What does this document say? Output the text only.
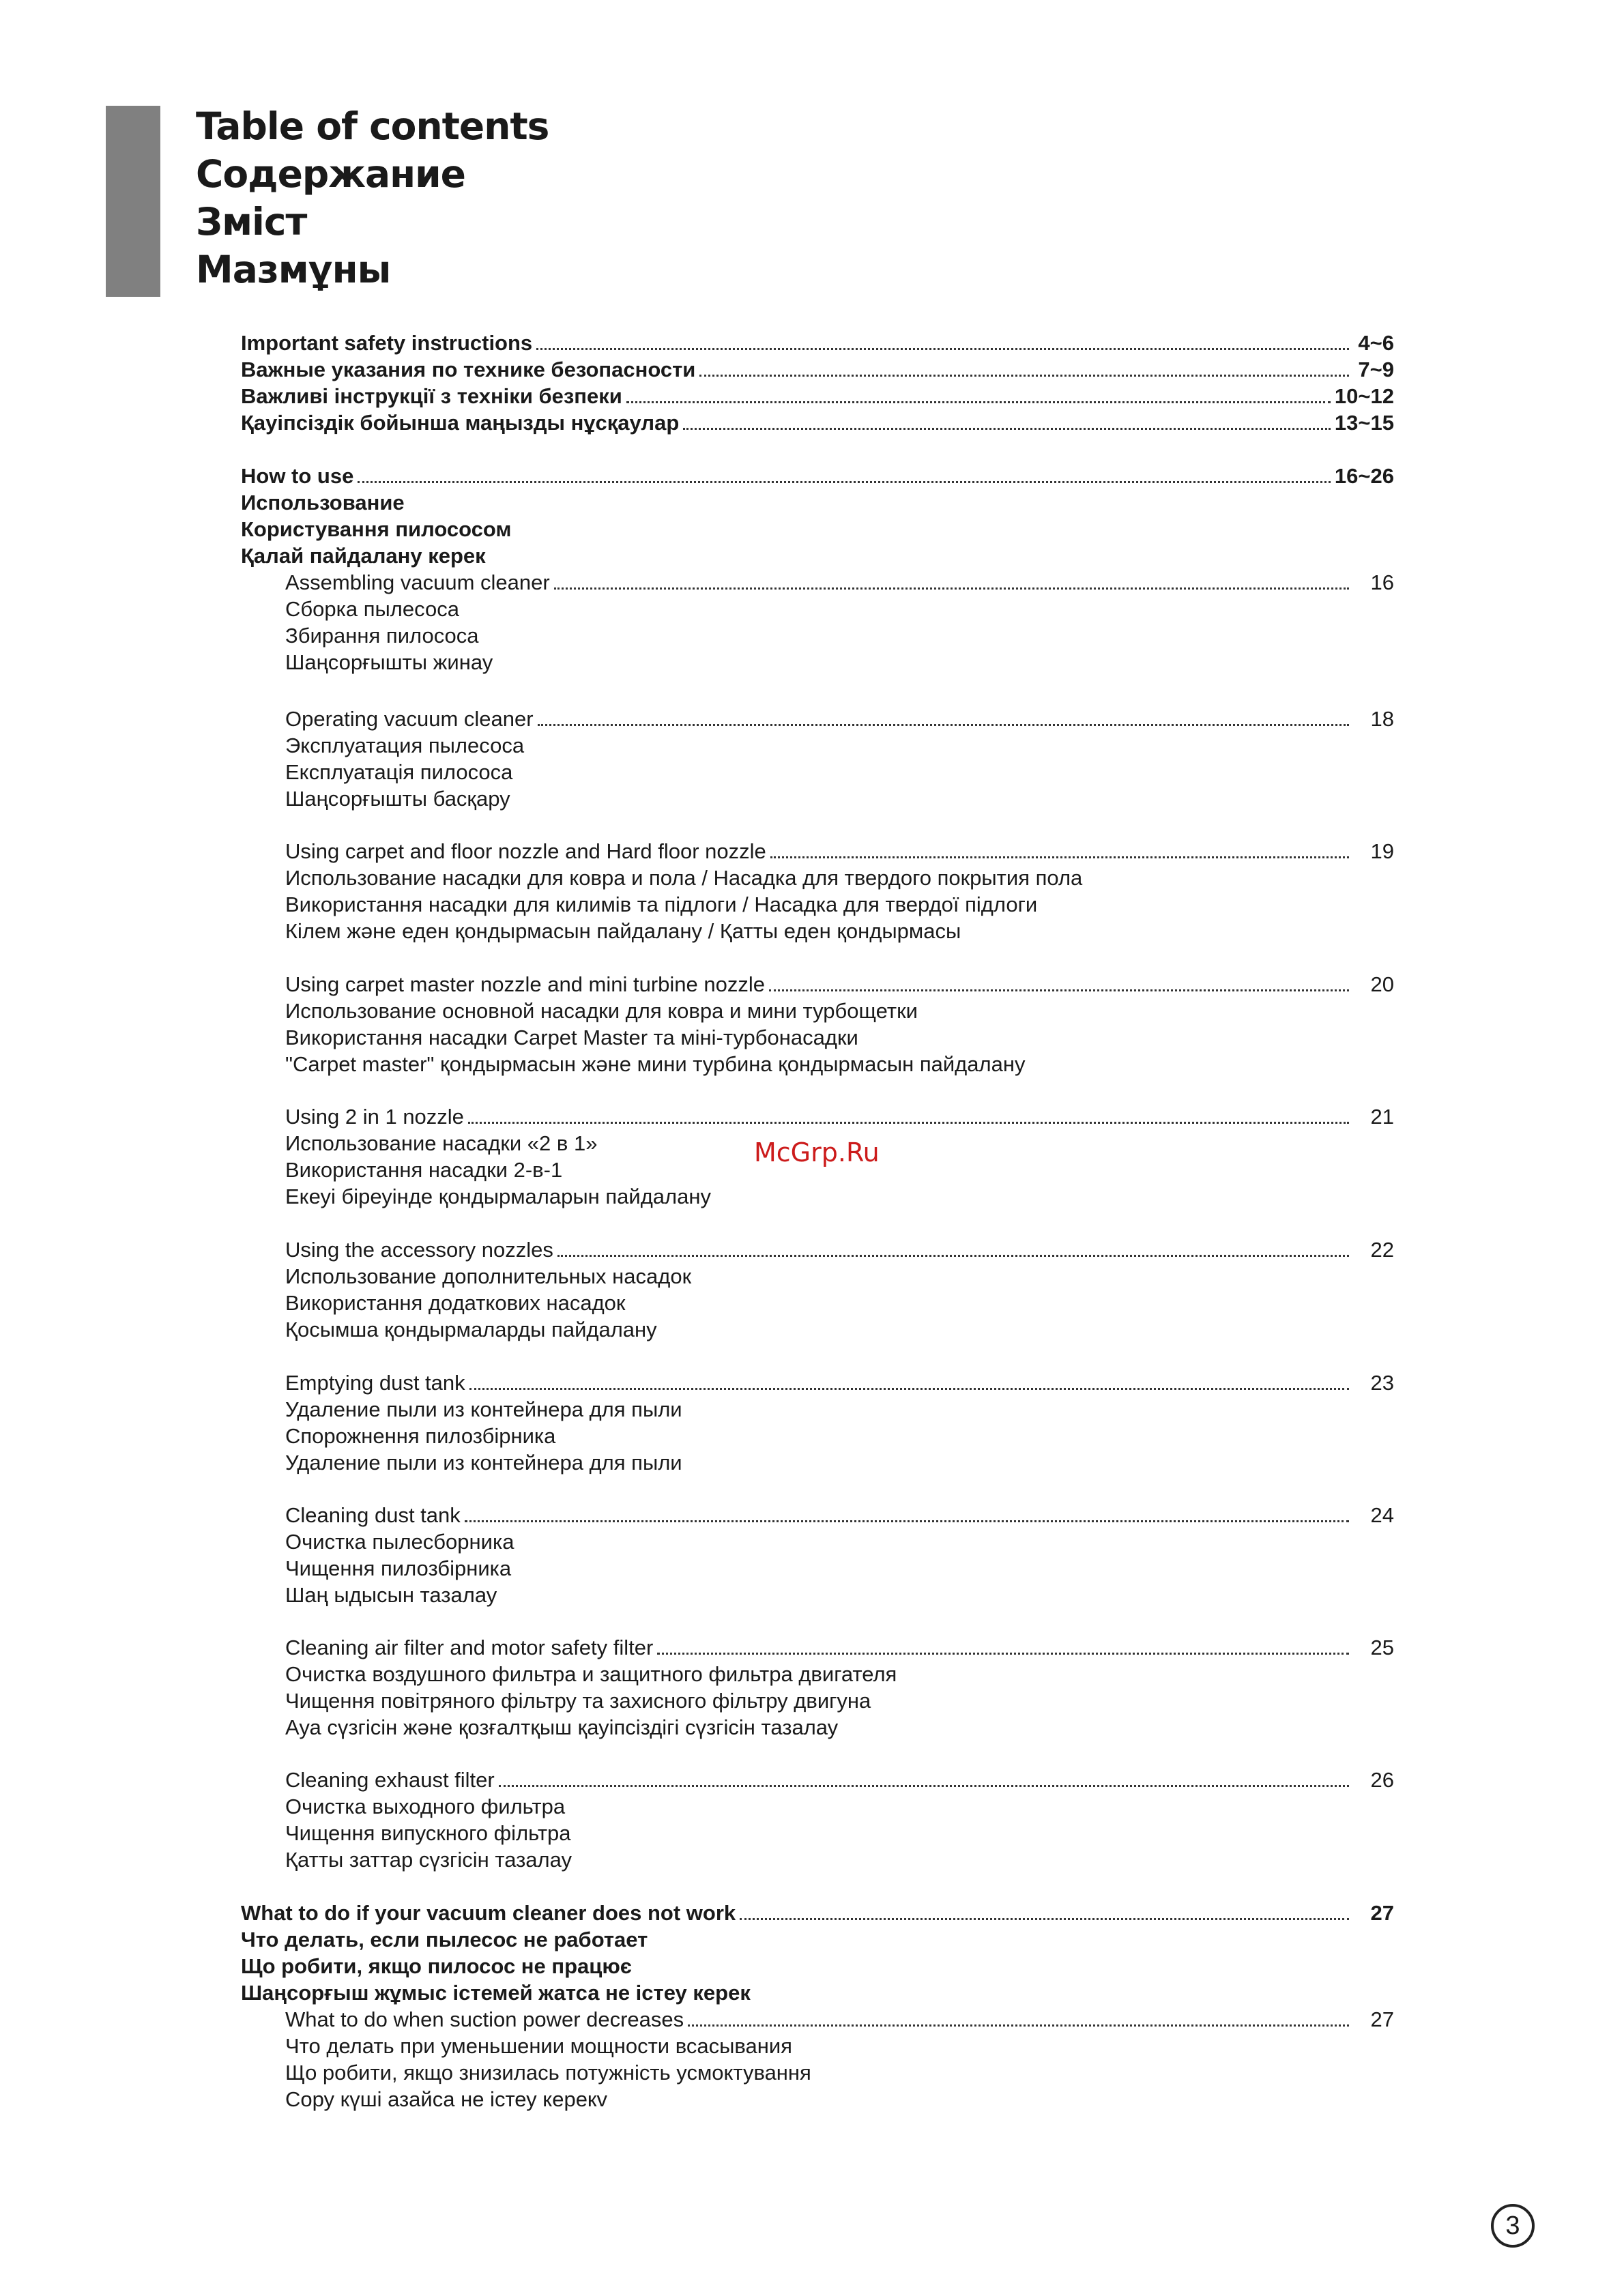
Table of contents
Содержание
Зміст
Мазмұны
Important safety instructions	4~6
Важные указания по технике безопасности	7~9
Важливі інструкції з техніки безпеки	10~12
Қауіпсіздік бойынша маңызды нұсқаулар	13~15
How to use	16~26
Использование
Користування пилососом
Қалай пайдалану керек
Assembling vacuum cleaner	16
Сборка пылесоса
Збирання пилососа
Шаңсорғышты жинау
Operating vacuum cleaner	18
Эксплуатация пылесоса
Експлуатація пилососа
Шаңсорғышты басқару
Using carpet and floor nozzle and Hard floor nozzle	19
Использование насадки для ковра и пола / Насадка для твердого покрытия пола
Використання насадки для килимів та підлоги / Насадка для твердої підлоги
Кілем және еден қондырмасын пайдалану / Қатты еден қондырмасы
Using carpet master nozzle and mini turbine nozzle	20
Использование основной насадки для ковра и мини турбощетки
Використання насадки Carpet Master та міні-турбонасадки
"Carpet master" қондырмасын және мини турбина қондырмасын пайдалану
Using 2 in 1 nozzle	21
Использование насадки «2 в 1»
Використання насадки 2-в-1
Екеуі біреуінде қондырмаларын пайдалану
Using the accessory nozzles	22
Использование дополнительных насадок
Використання додаткових насадок
Қосымша қондырмаларды пайдалану
Emptying dust tank	23
Удаление пыли из контейнера для пыли
Спорожнення пилозбірника
Удаление пыли из контейнера для пыли
Cleaning dust tank	24
Очистка пылесборника
Чищення пилозбірника
Шаң ыдысын тазалау
Cleaning air filter and motor safety filter	25
Очистка воздушного фильтра и защитного фильтра двигателя
Чищення повітряного фільтру та захисного фільтру двигуна
Ауа сүзгісін және қозғалтқыш қауіпсіздігі сүзгісін тазалау
Cleaning exhaust filter	26
Очистка выходного фильтра
Чищення випускного фільтра
Қатты заттар сүзгісін тазалау
What to do if your vacuum cleaner does not work	27
Что делать, если пылесос не работает
Що робити, якщо пилосос не працює
Шаңсорғыш жұмыс істемей жатса не істеу керек
What to do when suction power decreases	27
Что делать при уменьшении мощности всасывания
Що робити, якщо знизилась потужність усмоктування
Сору күші азайса не істеу керекv
McGrp.Ru
3
